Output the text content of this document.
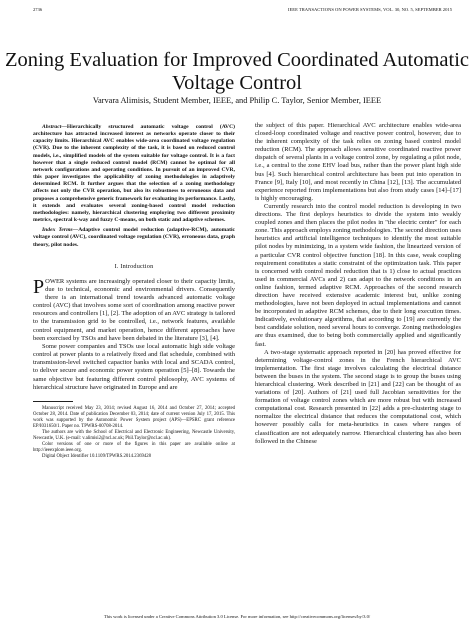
2736	IEEE TRANSACTIONS ON POWER SYSTEMS, VOL. 30, NO. 5, SEPTEMBER 2015
Zoning Evaluation for Improved Coordinated Automatic Voltage Control
Varvara Alimisis, Student Member, IEEE, and Philip C. Taylor, Senior Member, IEEE

Abstract—Hierarchically structured automatic voltage control (AVC) architecture has attracted increased interest as networks operate closer to their capacity limits. Hierarchical AVC enables wide-area coordinated voltage regulation (CVR). Due to the inherent complexity of the task, it is based on reduced control models, i.e., simplified models of the system suitable for voltage control. It is a fact however that a single reduced control model (RCM) cannot be optimal for all network configurations and operating conditions. In pursuit of an improved CVR, this paper investigates the applicability of zoning methodologies in adaptively determined RCM. It further argues that the selection of a zoning methodology affects not only the CVR operation, but also its robustness to erroneous data and proposes a comprehensive generic framework for evaluating its performance. Lastly, it extends and evaluates several zoning-based control model reduction methodologies: namely, hierarchical clustering employing two different proximity metrics, spectral k-way and fuzzy C-means, on both static and adaptive schemes.

Index Terms—Adaptive control model reduction (adaptive-RCM), automatic voltage control (AVC), coordinated voltage regulation (CVR), erroneous data, graph theory, pilot nodes.

I. Introduction

POWER systems are increasingly operated closer to their capacity limits, due to technical, economic and environmental drivers. Consequently there is an international trend towards advanced automatic voltage control (AVC) that involves some sort of coordination among reactive power resources and controllers [1], [2]. The adoption of an AVC strategy is tailored to the transmission grid to be controlled, i.e., network features, available control equipment, and market operation, hence different approaches have been exercised by TSOs and have been debated in the literature [3], [4].

Some power companies and TSOs use local automatic high side voltage control at power plants to a relatively fixed and flat schedule, combined with transmission-level switched capacitor banks with local and SCADA control, to deliver secure and economic power system operation [5]–[8]. Towards the same objective but featuring different control philosophy, AVC systems of hierarchical structure have originated in Europe and are

Manuscript received May 23, 2014; revised August 16, 2014 and October 27, 2014; accepted October 28, 2014. Date of publication December 03, 2014; date of current version July 17, 2015. This work was supported by the Autonomic Power System project (APS)—EPSRC grant reference EP/I031650/1. Paper no. TPWRS-00708-2014.

The authors are with the School of Electrical and Electronic Engineering, Newcastle University, Newcastle, U.K. (e-mail: v.alimisi2@ncl.ac.uk; Phil.Taylor@ncl.ac.uk).

Color versions of one or more of the figures in this paper are available online at http://ieeexplore.ieee.org.

Digital Object Identifier 10.1109/TPWRS.2014.2369428

the subject of this paper. Hierarchical AVC architecture enables wide-area closed-loop coordinated voltage and reactive power control, however, due to the inherent complexity of the task relies on zoning based control model reduction (RCM). The approach allows sensitive coordinated reactive power dispatch of several plants in a voltage control zone, by regulating a pilot node, i.e., a central to the zone EHV load bus, rather than the power plant high side bus [4]. Such hierarchical control architecture has been put into operation in France [9], Italy [10], and most recently in China [12], [13]. The accumulated experience reported from implementations but also from study cases [14]–[17] is highly encouraging.

Currently research into the control model reduction is developing in two directions. The first deploys heuristics to divide the system into weakly coupled zones and then places the pilot nodes in "the electric center" for each zone. This approach employs zoning methodologies. The second direction uses heuristics and artificial intelligence techniques to identify the most suitable pilot nodes by minimizing, in a system wide fashion, the linearized version of a particular CVR control objective function [18]. In this case, weak coupling requirement constitutes a static constraint of the optimization task. This paper is concerned with control model reduction that is 1) close to actual practices used in commercial AVCs and 2) can adapt to the network conditions in an online fashion, termed adaptive RCM. Approaches of the second research direction have received extensive academic interest but, unlike zoning methodologies, have not been deployed in actual implementations and cannot be incorporated in adaptive RCM schemes, due to their long execution times. Indicatively, evolutionary algorithms, that according to [19] are currently the best candidate solution, need several hours to converge. Zoning methodologies are thus examined, due to being both commercially applied and significantly fast.

A two-stage systematic approach reported in [20] has proved effective for determining voltage-control zones in the French hierarchical AVC implementation. The first stage involves calculating the electrical distance between the buses in the system. The second stage is to group the buses using hierarchical clustering. Work described in [21] and [22] can be thought of as variations of [20]. Authors of [21] used full Jacobian sensitivities for the formation of voltage control zones which are more robust but with increased computational cost. Research presented in [22] adds a pre-clustering stage to normalize the electrical distance that reduces the computational cost, which however possibly calls for meta-heuristics in cases where ranges of classification are not adequately narrow. Hierarchical clustering has also been followed in the Chinese

This work is licensed under a Creative Commons Attribution 3.0 License. For more information, see http://creativecommons.org/licenses/by/3.0/
